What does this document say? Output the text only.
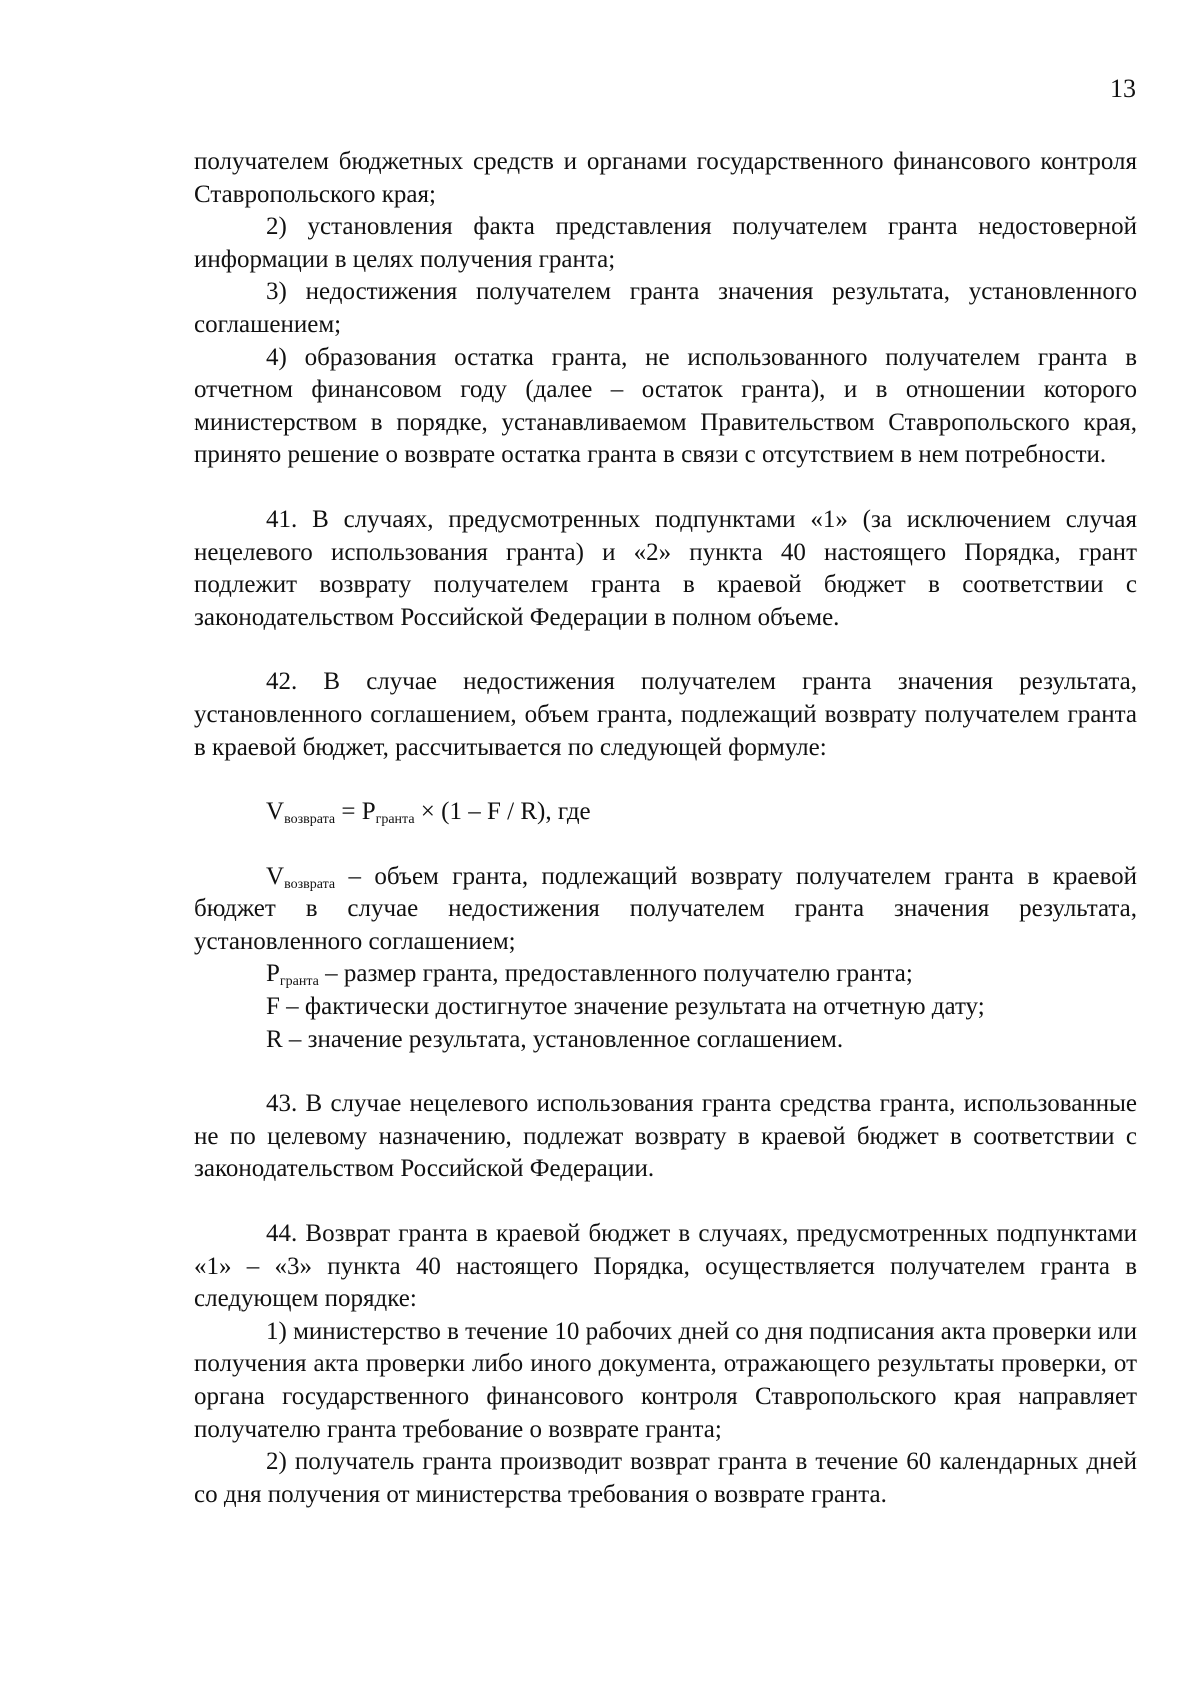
13

получателем бюджетных средств и органами государственного финансового контроля Ставропольского края;

2) установления факта представления получателем гранта недостоверной информации в целях получения гранта;

3) недостижения получателем гранта значения результата, установленного соглашением;

4) образования остатка гранта, не использованного получателем гранта в отчетном финансовом году (далее – остаток гранта), и в отношении которого министерством в порядке, устанавливаемом Правительством Ставропольского края, принято решение о возврате остатка гранта в связи с отсутствием в нем потребности.

41. В случаях, предусмотренных подпунктами «1» (за исключением случая нецелевого использования гранта) и «2» пункта 40 настоящего Порядка, грант подлежит возврату получателем гранта в краевой бюджет в соответствии с законодательством Российской Федерации в полном объеме.

42. В случае недостижения получателем гранта значения результата, установленного соглашением, объем гранта, подлежащий возврату получателем гранта в краевой бюджет, рассчитывается по следующей формуле:

$V_{возврата} = P_{гранта} \times (1 - F / R)$, где

$V_{возврата}$ – объем гранта, подлежащий возврату получателем гранта в краевой бюджет в случае недостижения получателем гранта значения результата, установленного соглашением;

$P_{гранта}$ – размер гранта, предоставленного получателю гранта;

F – фактически достигнутое значение результата на отчетную дату;

R – значение результата, установленное соглашением.

43. В случае нецелевого использования гранта средства гранта, использованные не по целевому назначению, подлежат возврату в краевой бюджет в соответствии с законодательством Российской Федерации.

44. Возврат гранта в краевой бюджет в случаях, предусмотренных подпунктами «1» – «3» пункта 40 настоящего Порядка, осуществляется получателем гранта в следующем порядке:

1) министерство в течение 10 рабочих дней со дня подписания акта проверки или получения акта проверки либо иного документа, отражающего результаты проверки, от органа государственного финансового контроля Ставропольского края направляет получателю гранта требование о возврате гранта;

2) получатель гранта производит возврат гранта в течение 60 календарных дней со дня получения от министерства требования о возврате гранта.
